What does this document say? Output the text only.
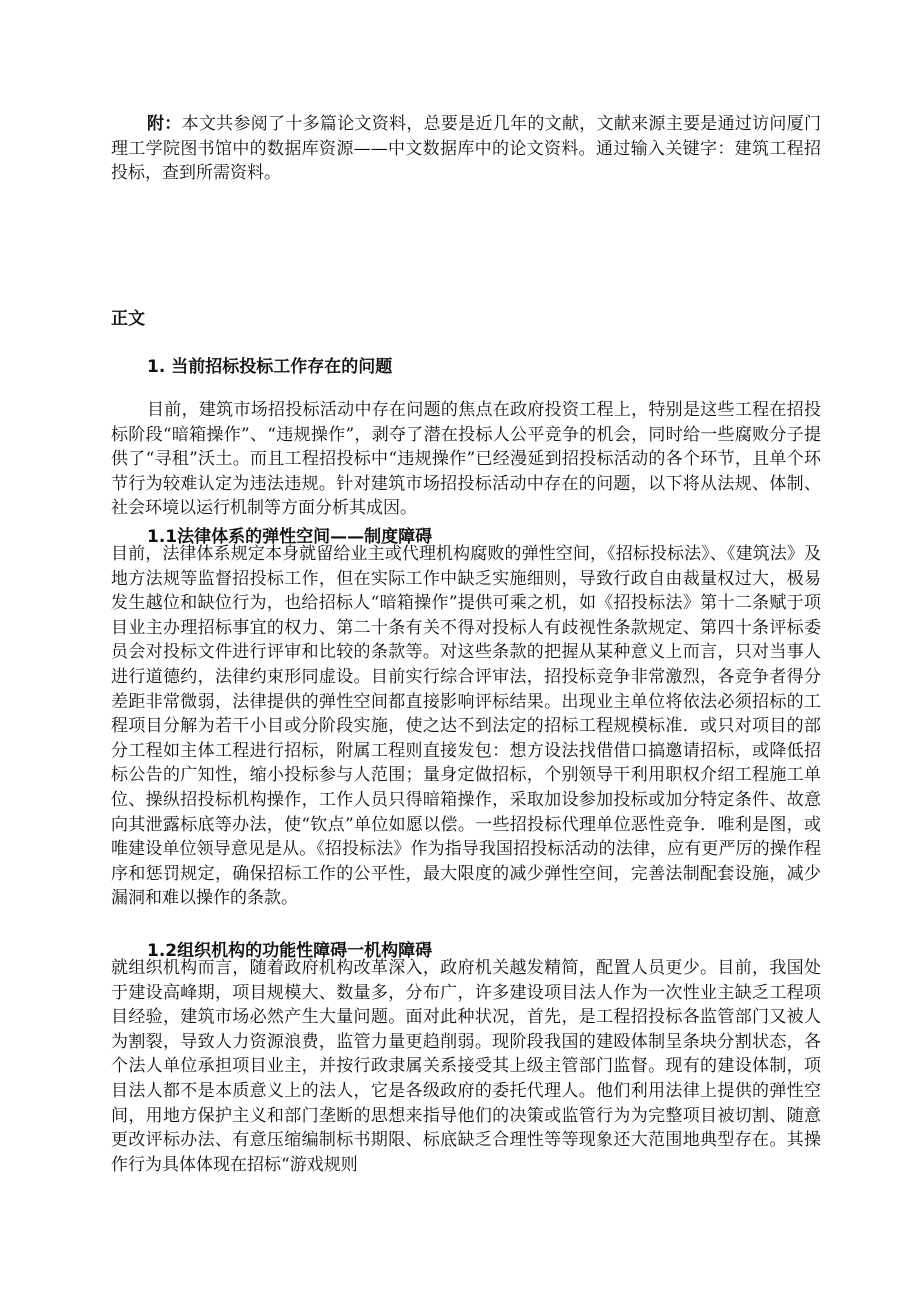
附：本文共参阅了十多篇论文资料，总要是近几年的文献，文献来源主要是通过访问厦门理工学院图书馆中的数据库资源——中文数据库中的论文资料。通过输入关键字：建筑工程招投标，查到所需资料。

正文
1. 当前招标投标工作存在的问题

目前，建筑市场招投标活动中存在问题的焦点在政府投资工程上，特别是这些工程在招投标阶段“暗箱操作”、“违规操作”，剥夺了潜在投标人公平竞争的机会，同时给一些腐败分子提供了“寻租”沃土。而且工程招投标中“违规操作”已经漫延到招投标活动的各个环节，且单个环节行为较难认定为违法违规。针对建筑市场招投标活动中存在的问题，以下将从法规、体制、社会环境以运行机制等方面分析其成因。

1.1法律体系的弹性空间——制度障碍

目前，法律体系规定本身就留给业主或代理机构腐败的弹性空间，《招标投标法》、《建筑法》及地方法规等监督招投标工作，但在实际工作中缺乏实施细则，导致行政自由裁量权过大，极易发生越位和缺位行为，也给招标人“暗箱操作”提供可乘之机，如《招投标法》第十二条赋于项目业主办理招标事宜的权力、第二十条有关不得对投标人有歧视性条款规定、第四十条评标委员会对投标文件进行评审和比较的条款等。对这些条款的把握从某种意义上而言，只对当事人进行道德约，法律约束形同虚设。目前实行综合评审法，招投标竞争非常激烈，各竞争者得分差距非常微弱，法律提供的弹性空间都直接影响评标结果。出现业主单位将依法必须招标的工程项目分解为若干小目或分阶段实施，使之达不到法定的招标工程规模标准．或只对项目的部分工程如主体工程进行招标，附属工程则直接发包：想方设法找借借口搞邀请招标，或降低招标公告的广知性，缩小投标参与人范围；量身定做招标，个别领导干利用职权介绍工程施工单位、操纵招投标机构操作，工作人员只得暗箱操作，采取加设参加投标或加分特定条件、故意向其泄露标底等办法，使“钦点”单位如愿以偿。一些招投标代理单位恶性竞争．唯利是图，或唯建设单位领导意见是从。《招投标法》作为指导我国招投标活动的法律，应有更严厉的操作程序和惩罚规定，确保招标工作的公平性，最大限度的减少弹性空间，完善法制配套设施，减少漏洞和难以操作的条款。

1.2组织机构的功能性障碍一机构障碍

就组织机构而言，随着政府机构改革深入，政府机关越发精简，配置人员更少。目前，我国处于建设高峰期，项目规模大、数量多，分布广，许多建设项目法人作为一次性业主缺乏工程项目经验，建筑市场必然产生大量问题。面对此种状况，首先，是工程招投标各监管部门又被人为割裂，导致人力资源浪费，监管力量更趋削弱。现阶段我国的建殴体制呈条块分割状态，各个法人单位承担项目业主，并按行政隶属关系接受其上级主管部门监督。现有的建设体制，项目法人都不是本质意义上的法人，它是各级政府的委托代理人。他们利用法律上提供的弹性空间，用地方保护主义和部门垄断的思想来指导他们的决策或监管行为为完整项目被切割、随意更改评标办法、有意压缩编制标书期限、标底缺乏合理性等等现象还大范围地典型存在。其操作行为具体体现在招标“游戏规则
